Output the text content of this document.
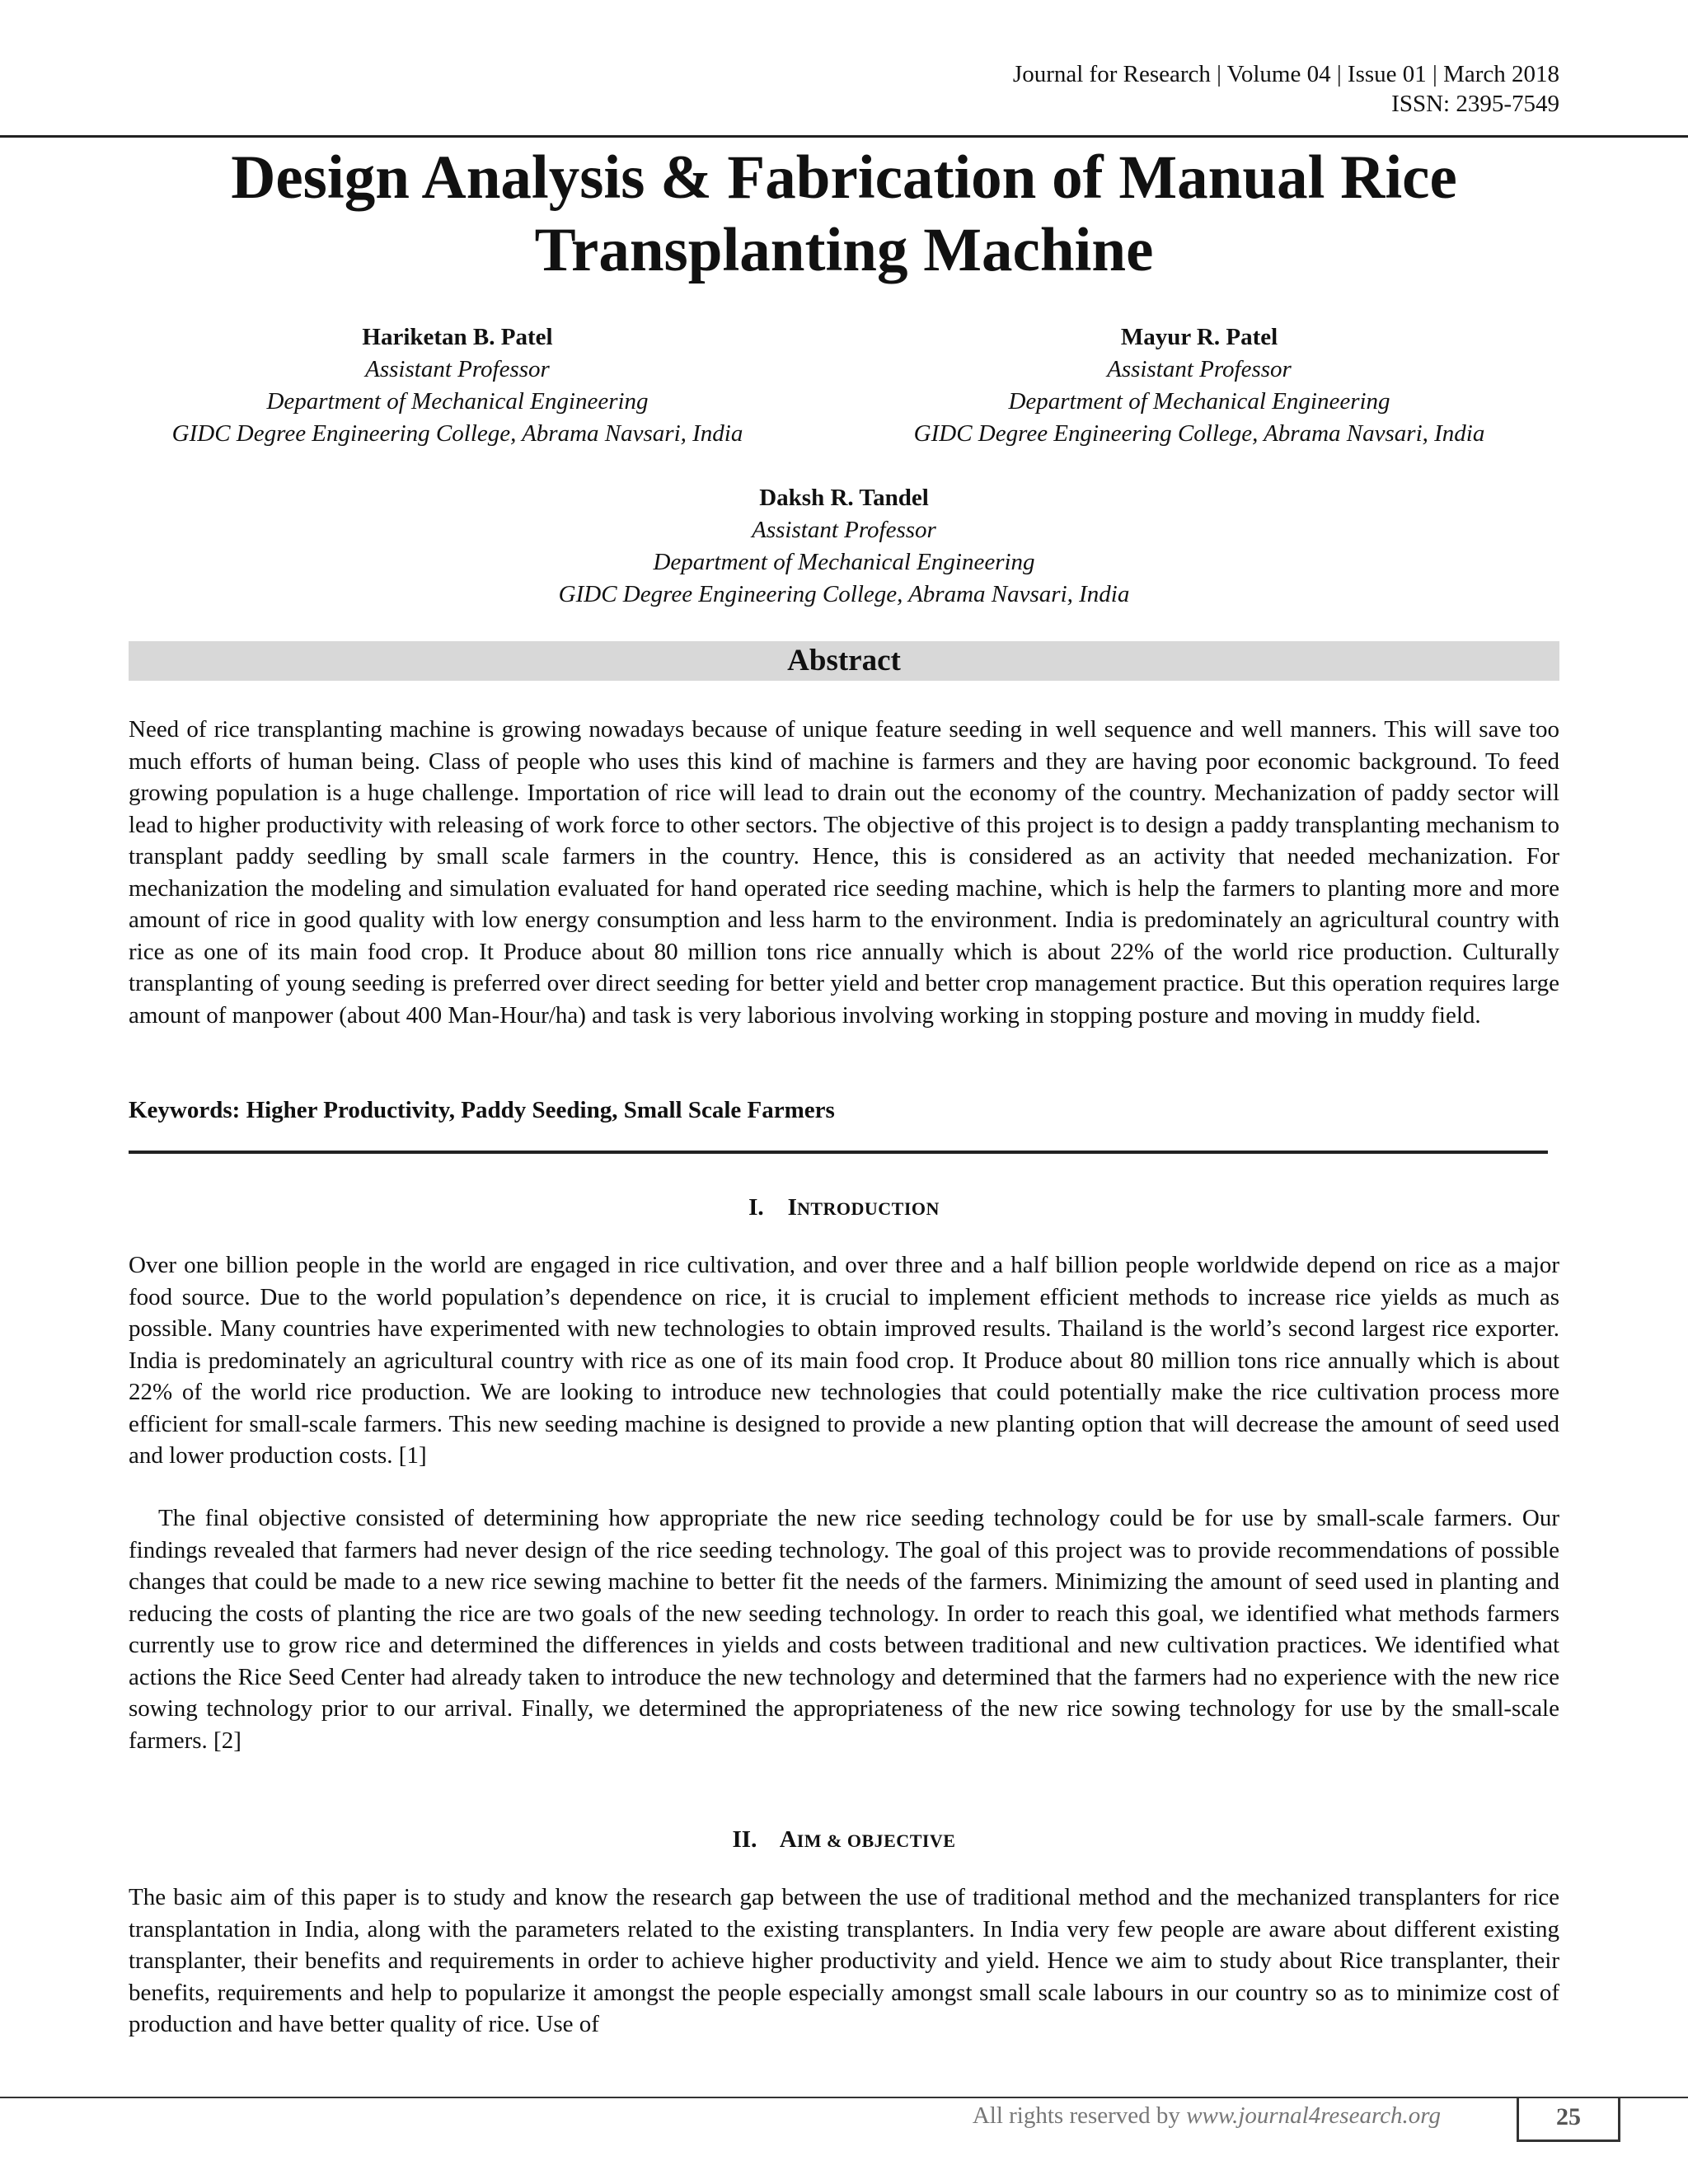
Journal for Research | Volume 04 | Issue 01 | March 2018
ISSN: 2395-7549
Design Analysis & Fabrication of Manual Rice
Transplanting Machine
Hariketan B. Patel
Assistant Professor
Department of Mechanical Engineering
GIDC Degree Engineering College, Abrama Navsari, India
Mayur R. Patel
Assistant Professor
Department of Mechanical Engineering
GIDC Degree Engineering College, Abrama Navsari, India
Daksh R. Tandel
Assistant Professor
Department of Mechanical Engineering
GIDC Degree Engineering College, Abrama Navsari, India
Abstract

Need of rice transplanting machine is growing nowadays because of unique feature seeding in well sequence and well manners. This will save too much efforts of human being. Class of people who uses this kind of machine is farmers and they are having poor economic background. To feed growing population is a huge challenge. Importation of rice will lead to drain out the economy of the country. Mechanization of paddy sector will lead to higher productivity with releasing of work force to other sectors. The objective of this project is to design a paddy transplanting mechanism to transplant paddy seedling by small scale farmers in the country. Hence, this is considered as an activity that needed mechanization. For mechanization the modeling and simulation evaluated for hand operated rice seeding machine, which is help the farmers to planting more and more amount of rice in good quality with low energy consumption and less harm to the environment. India is predominately an agricultural country with rice as one of its main food crop. It Produce about 80 million tons rice annually which is about 22% of the world rice production. Culturally transplanting of young seeding is preferred over direct seeding for better yield and better crop management practice. But this operation requires large amount of manpower (about 400 Man-Hour/ha) and task is very laborious involving working in stopping posture and moving in muddy field.

Keywords: Higher Productivity, Paddy Seeding, Small Scale Farmers
I. INTRODUCTION

Over one billion people in the world are engaged in rice cultivation, and over three and a half billion people worldwide depend on rice as a major food source. Due to the world population’s dependence on rice, it is crucial to implement efficient methods to increase rice yields as much as possible. Many countries have experimented with new technologies to obtain improved results. Thailand is the world’s second largest rice exporter. India is predominately an agricultural country with rice as one of its main food crop. It Produce about 80 million tons rice annually which is about 22% of the world rice production. We are looking to introduce new technologies that could potentially make the rice cultivation process more efficient for small-scale farmers. This new seeding machine is designed to provide a new planting option that will decrease the amount of seed used and lower production costs. [1]

The final objective consisted of determining how appropriate the new rice seeding technology could be for use by small-scale farmers. Our findings revealed that farmers had never design of the rice seeding technology. The goal of this project was to provide recommendations of possible changes that could be made to a new rice sewing machine to better fit the needs of the farmers. Minimizing the amount of seed used in planting and reducing the costs of planting the rice are two goals of the new seeding technology. In order to reach this goal, we identified what methods farmers currently use to grow rice and determined the differences in yields and costs between traditional and new cultivation practices. We identified what actions the Rice Seed Center had already taken to introduce the new technology and determined that the farmers had no experience with the new rice sowing technology prior to our arrival. Finally, we determined the appropriateness of the new rice sowing technology for use by the small-scale farmers. [2]

II. AIM & OBJECTIVE

The basic aim of this paper is to study and know the research gap between the use of traditional method and the mechanized transplanters for rice transplantation in India, along with the parameters related to the existing transplanters. In India very few people are aware about different existing transplanter, their benefits and requirements in order to achieve higher productivity and yield. Hence we aim to study about Rice transplanter, their benefits, requirements and help to popularize it amongst the people especially amongst small scale labours in our country so as to minimize cost of production and have better quality of rice. Use of

All rights reserved by www.journal4research.org	25
